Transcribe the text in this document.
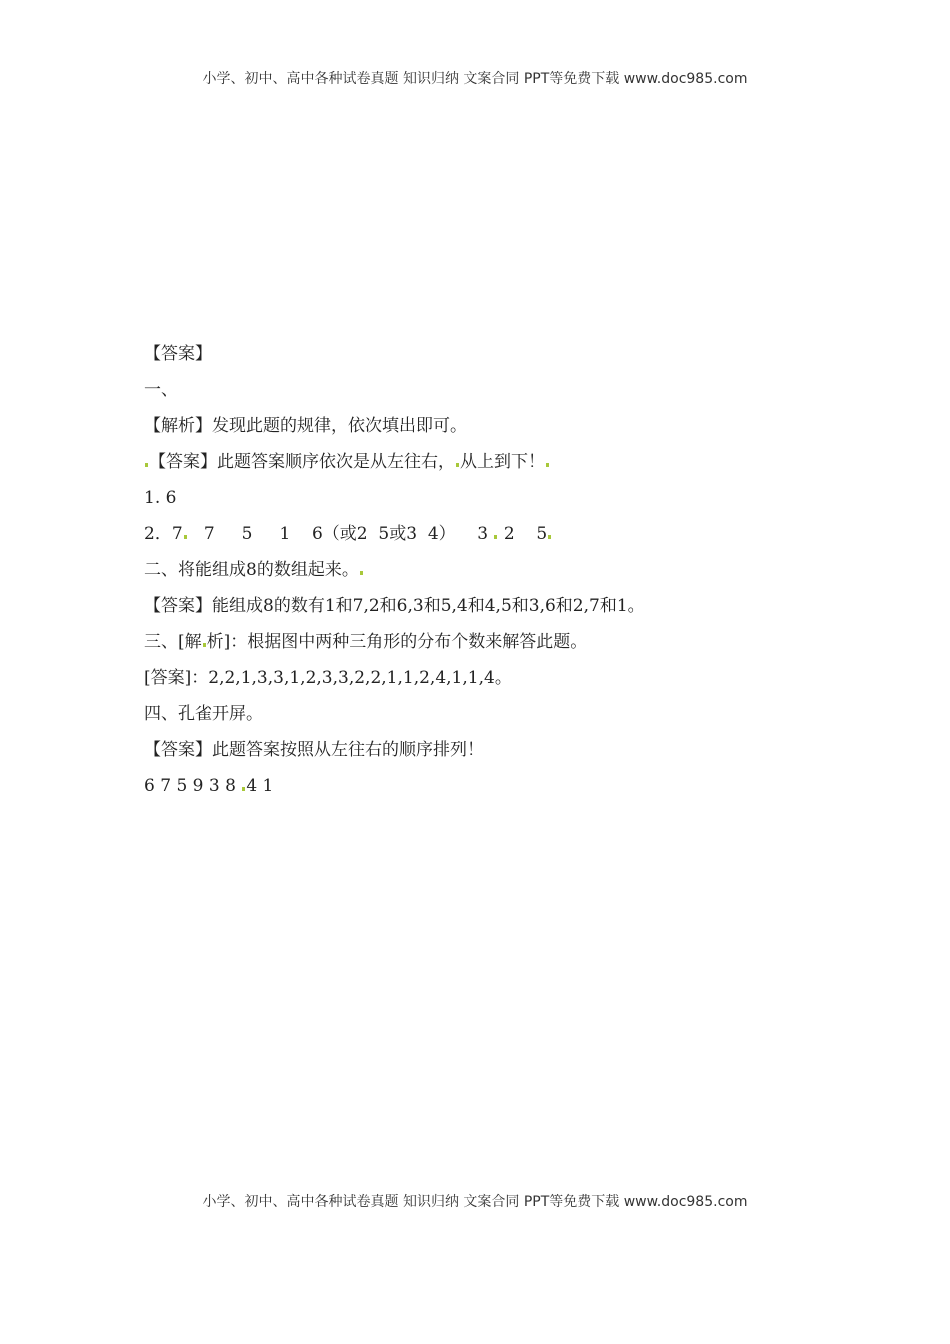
小学、初中、高中各种试卷真题 知识归纳 文案合同 PPT等免费下载 www.doc985.com
【答案】
一、
【解析】发现此题的规律，依次填出即可。
【答案】此题答案顺序依次是从左往右， 从上到下！
1. 6
2．7   7     5     1    6（或2  5或3  4）    3  2    5
二、将能组成8的数组起来。
【答案】能组成8的数有1和7,2和6,3和5,4和4,5和3,6和2,7和1。
三、[解 析]：根据图中两种三角形的分布个数来解答此题。
[答案]：2,2,1,3,3,1,2,3,3,2,2,1,1,2,4,1,1,4。
四、孔雀开屏。
【答案】此题答案按照从左往右的顺序排列！
6 7 5 9 3 8 4 1
小学、初中、高中各种试卷真题 知识归纳 文案合同 PPT等免费下载 www.doc985.com
